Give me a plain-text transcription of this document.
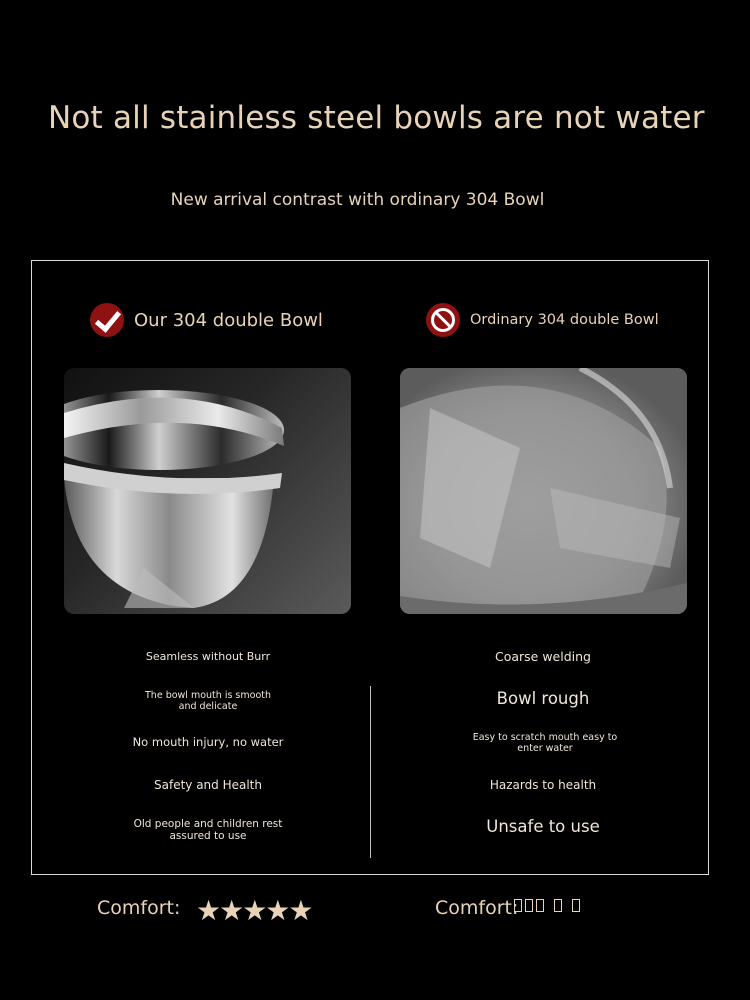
Not all stainless steel bowls are not water
New arrival contrast with ordinary 304 Bowl
Our 304 double Bowl	Ordinary 304 double Bowl
Seamless without Burr
The bowl mouth is smooth and delicate
No mouth injury, no water
Safety and Health
Old people and children rest assured to use
Coarse welding
Bowl rough
Easy to scratch mouth easy to enter water
Hazards to health
Unsafe to use
Comfort: ★★★★★	Comfort:
